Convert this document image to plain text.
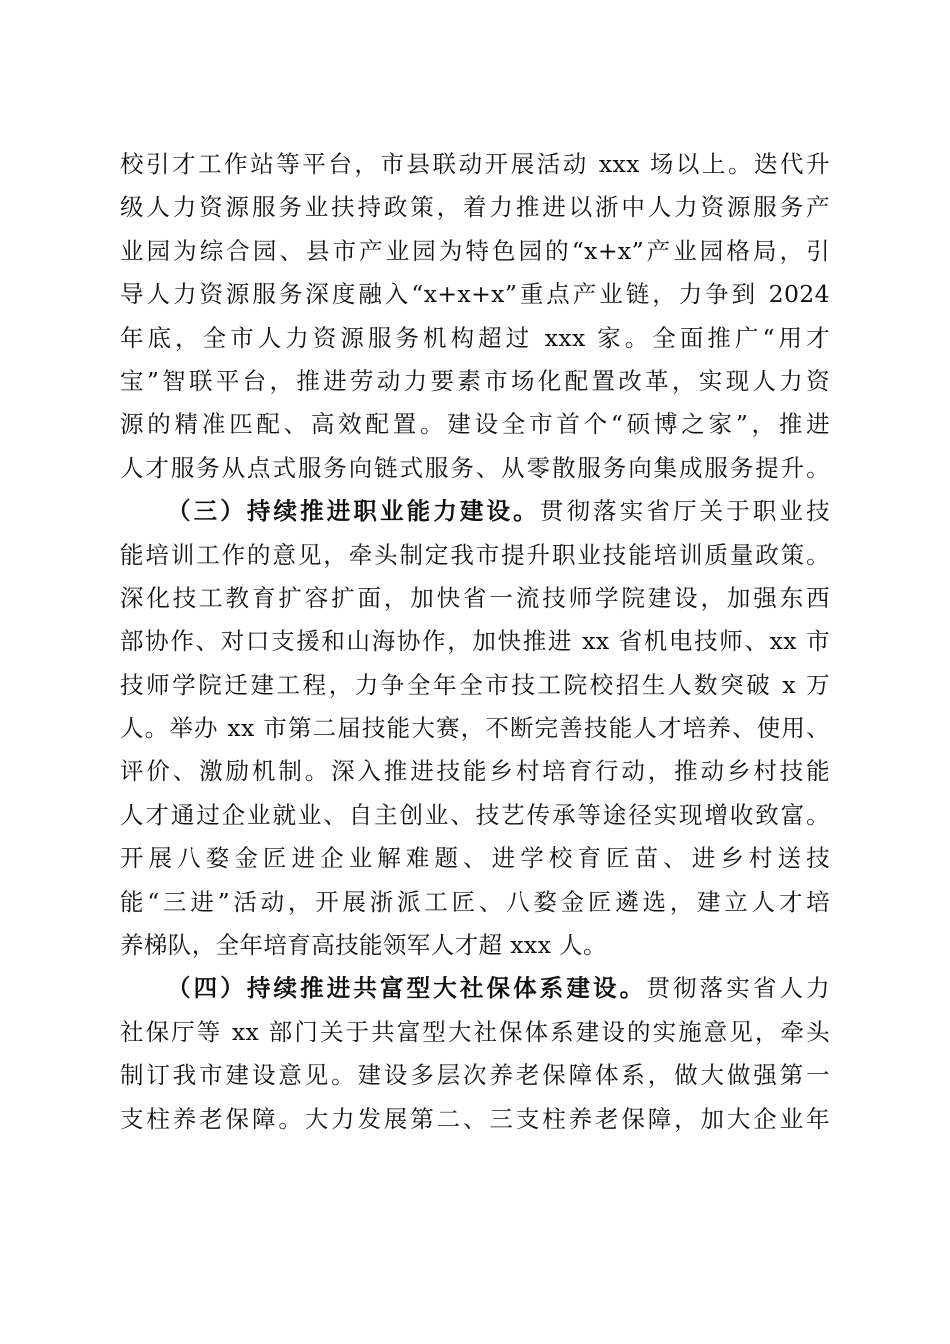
校引才工作站等平台，市县联动开展活动 xxx 场以上。迭代升
级人力资源服务业扶持政策，着力推进以浙中人力资源服务产
业园为综合园、县市产业园为特色园的“x+x”产业园格局，引
导人力资源服务深度融入“x+x+x”重点产业链，力争到 2024
年底，全市人力资源服务机构超过 xxx 家。全面推广“用才
宝”智联平台，推进劳动力要素市场化配置改革，实现人力资
源的精准匹配、高效配置。建设全市首个“硕博之家”，推进
人才服务从点式服务向链式服务、从零散服务向集成服务提升。
（三）持续推进职业能力建设。贯彻落实省厅关于职业技
能培训工作的意见，牵头制定我市提升职业技能培训质量政策。
深化技工教育扩容扩面，加快省一流技师学院建设，加强东西
部协作、对口支援和山海协作，加快推进 xx 省机电技师、xx 市
技师学院迁建工程，力争全年全市技工院校招生人数突破 x 万
人。举办 xx 市第二届技能大赛，不断完善技能人才培养、使用、
评价、激励机制。深入推进技能乡村培育行动，推动乡村技能
人才通过企业就业、自主创业、技艺传承等途径实现增收致富。
开展八婺金匠进企业解难题、进学校育匠苗、进乡村送技
能“三进”活动，开展浙派工匠、八婺金匠遴选，建立人才培
养梯队，全年培育高技能领军人才超 xxx 人。
（四）持续推进共富型大社保体系建设。贯彻落实省人力
社保厅等 xx 部门关于共富型大社保体系建设的实施意见，牵头
制订我市建设意见。建设多层次养老保障体系，做大做强第一
支柱养老保障。大力发展第二、三支柱养老保障，加大企业年
